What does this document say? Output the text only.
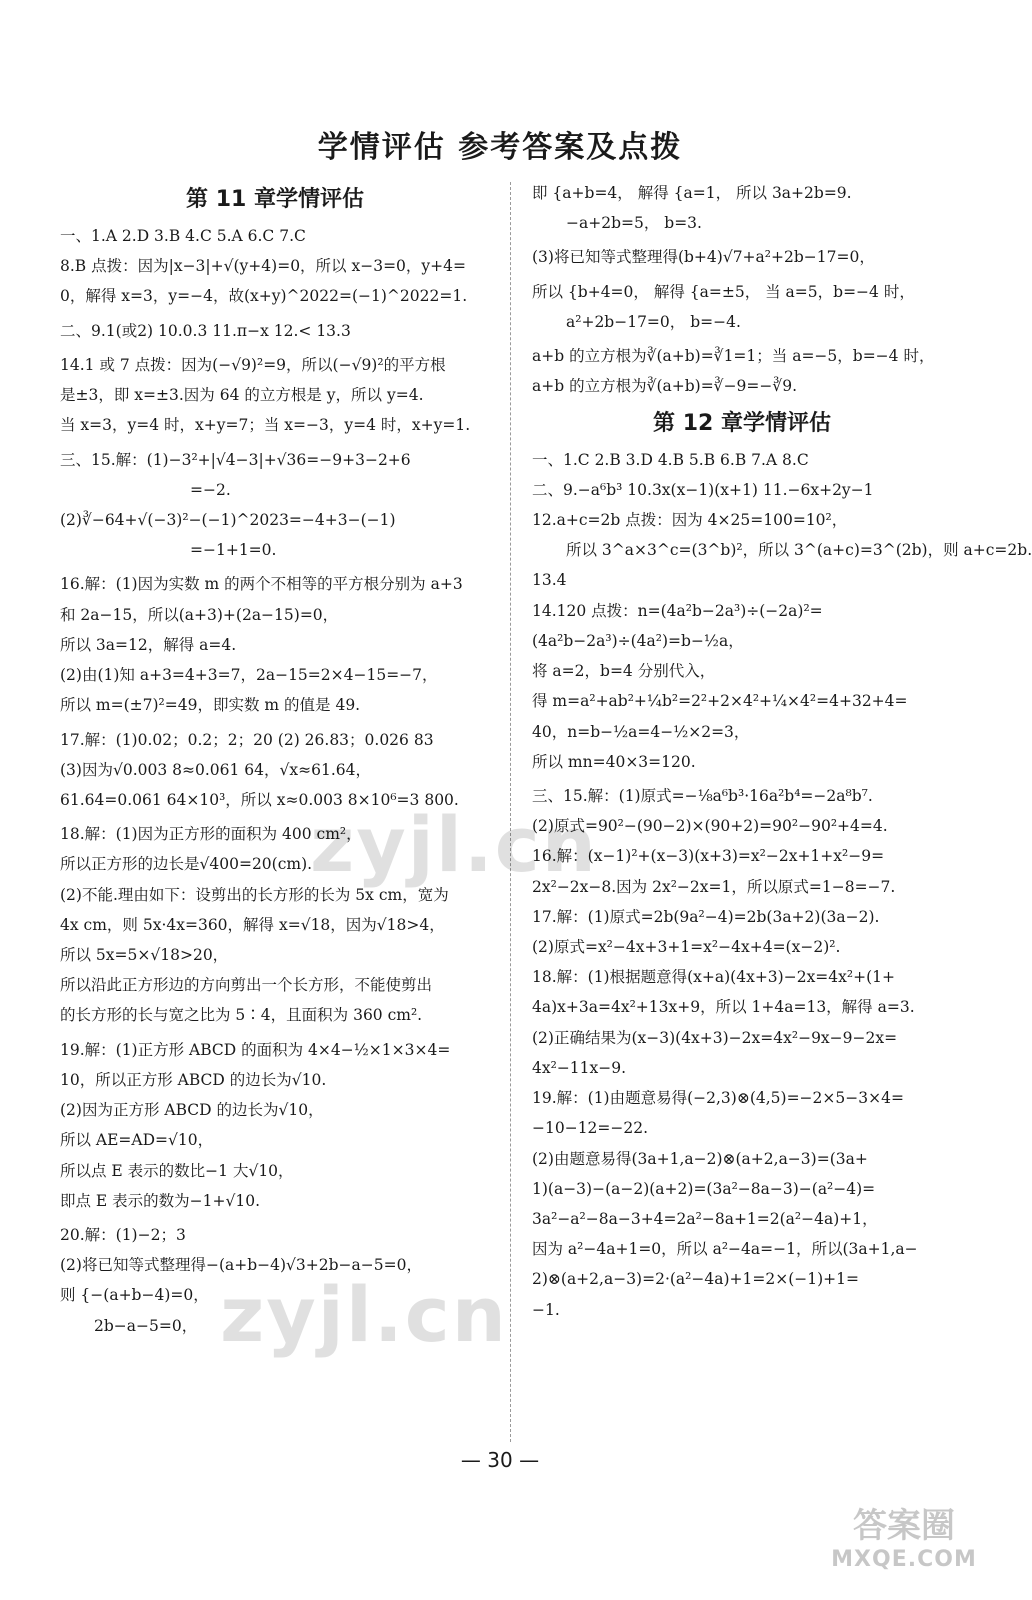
学情评估 参考答案及点拨
第 11 章学情评估
一、1.A 2.D 3.B 4.C 5.A 6.C 7.C
8.B 点拨：因为|x−3|+√(y+4)=0，所以 x−3=0，y+4=
0，解得 x=3，y=−4，故(x+y)^2022=(−1)^2022=1.
二、9.1(或2) 10.0.3 11.π−x 12.< 13.3
14.1 或 7 点拨：因为(−√9)²=9，所以(−√9)²的平方根
是±3，即 x=±3.因为 64 的立方根是 y，所以 y=4.
当 x=3，y=4 时，x+y=7；当 x=−3，y=4 时，x+y=1.
三、15.解：(1)−3²+|√4−3|+√36=−9+3−2+6
=−2.
(2)∛−64+√(−3)²−(−1)^2023=−4+3−(−1)
=−1+1=0.
16.解：(1)因为实数 m 的两个不相等的平方根分别为 a+3
和 2a−15，所以(a+3)+(2a−15)=0，
所以 3a=12，解得 a=4.
(2)由(1)知 a+3=4+3=7，2a−15=2×4−15=−7，
所以 m=(±7)²=49，即实数 m 的值是 49.
17.解：(1)0.02；0.2；2；20 (2) 26.83；0.026 83
(3)因为√0.003 8≈0.061 64，√x≈61.64，
61.64=0.061 64×10³，所以 x≈0.003 8×10⁶=3 800.
18.解：(1)因为正方形的面积为 400 cm²，
所以正方形的边长是√400=20(cm).
(2)不能.理由如下：设剪出的长方形的长为 5x cm，宽为
4x cm，则 5x·4x=360，解得 x=√18，因为√18>4，
所以 5x=5×√18>20，
所以沿此正方形边的方向剪出一个长方形，不能使剪出
的长方形的长与宽之比为 5∶4，且面积为 360 cm².
19.解：(1)正方形 ABCD 的面积为 4×4−½×1×3×4=
10，所以正方形 ABCD 的边长为√10.
(2)因为正方形 ABCD 的边长为√10，
所以 AE=AD=√10，
所以点 E 表示的数比−1 大√10，
即点 E 表示的数为−1+√10.
20.解：(1)−2；3
(2)将已知等式整理得−(a+b−4)√3+2b−a−5=0，
则 {−(a+b−4)=0，
2b−a−5=0，
即 {a+b=4， 解得 {a=1， 所以 3a+2b=9.
−a+2b=5， b=3.
(3)将已知等式整理得(b+4)√7+a²+2b−17=0，
所以 {b+4=0， 解得 {a=±5， 当 a=5，b=−4 时，
a²+2b−17=0， b=−4.
a+b 的立方根为∛(a+b)=∛1=1；当 a=−5，b=−4 时，
a+b 的立方根为∛(a+b)=∛−9=−∛9.
第 12 章学情评估
一、1.C 2.B 3.D 4.B 5.B 6.B 7.A 8.C
二、9.−a⁶b³ 10.3x(x−1)(x+1) 11.−6x+2y−1
12.a+c=2b 点拨：因为 4×25=100=10²，
所以 3^a×3^c=(3^b)²，所以 3^(a+c)=3^(2b)，则 a+c=2b.
13.4
14.120 点拨：n=(4a²b−2a³)÷(−2a)²=
(4a²b−2a³)÷(4a²)=b−½a，
将 a=2，b=4 分别代入，
得 m=a²+ab²+¼b²=2²+2×4²+¼×4²=4+32+4=
40，n=b−½a=4−½×2=3，
所以 mn=40×3=120.
三、15.解：(1)原式=−⅛a⁶b³·16a²b⁴=−2a⁸b⁷.
(2)原式=90²−(90−2)×(90+2)=90²−90²+4=4.
16.解：(x−1)²+(x−3)(x+3)=x²−2x+1+x²−9=
2x²−2x−8.因为 2x²−2x=1，所以原式=1−8=−7.
17.解：(1)原式=2b(9a²−4)=2b(3a+2)(3a−2).
(2)原式=x²−4x+3+1=x²−4x+4=(x−2)².
18.解：(1)根据题意得(x+a)(4x+3)−2x=4x²+(1+
4a)x+3a=4x²+13x+9，所以 1+4a=13，解得 a=3.
(2)正确结果为(x−3)(4x+3)−2x=4x²−9x−9−2x=
4x²−11x−9.
19.解：(1)由题意易得(−2,3)⊗(4,5)=−2×5−3×4=
−10−12=−22.
(2)由题意易得(3a+1,a−2)⊗(a+2,a−3)=(3a+
1)(a−3)−(a−2)(a+2)=(3a²−8a−3)−(a²−4)=
3a²−a²−8a−3+4=2a²−8a+1=2(a²−4a)+1，
因为 a²−4a+1=0，所以 a²−4a=−1，所以(3a+1,a−
2)⊗(a+2,a−3)=2·(a²−4a)+1=2×(−1)+1=
−1.
zyjl.cn
zyjl.cn
— 30 —
答案圈
MXQE.COM
